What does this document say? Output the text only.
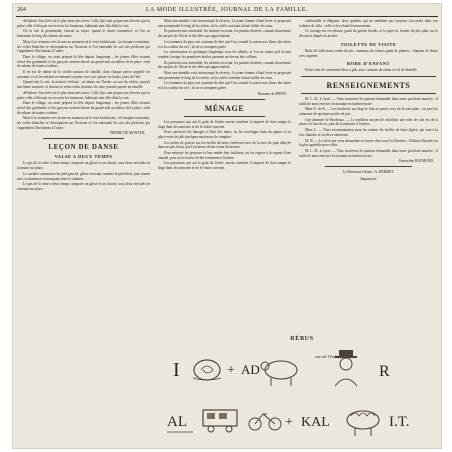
264	LA MODE ILLUSTRÉE, JOURNAL DE LA FAMILLE.

défilaient. Son fiefs est le plus beau des terres. Celle Qui sont propre aux devoirs que la petite ville s'efforçait en recevoir les honneurs, habitants tant elle allait la voir.

On se fait la promenade, chacun sa façon, quand le chant commence, et l'on va lentement le long du chemin des murs.

Mais il se retourna vers la mer au moment où le vent fraîchissait ; les barques rentraient, les voiles blanches se découpaient sur l'horizon et l'on entendait les cris des pêcheurs qui s'appelaient d'un bateau à l'autre.

Dans le village, on avait préparé la fête depuis longtemps ; les jeunes filles avaient tressé des guirlandes et les garçons avaient dressé un grand mât au milieu de la place, orné de rubans de toutes couleurs.

Il en est de même de la vieille maison de famille, dont chaque pierre rappelle un souvenir, et où les enfants reviennent toujours avec joie passer les beaux jours de l'été.

Quand vint le soir, la maison s'éclaira ; on dansa sur l'herbe, au son du violon, jusqu'à une heure avancée, et chacun se retira enfin, heureux de cette journée passée en famille.

défilaient. Son fiefs est le plus beau des terres. Celle Qui sont propre aux devoirs que la petite ville s'efforçait en recevoir les honneurs, habitants tant elle allait la voir.

Dans le village, on avait préparé la fête depuis longtemps ; les jeunes filles avaient tressé des guirlandes et les garçons avaient dressé un grand mât au milieu de la place, orné de rubans de toutes couleurs.

Mais il se retourna vers la mer au moment où le vent fraîchissait ; les barques rentraient, les voiles blanches se découpaient sur l'horizon et l'on entendait les cris des pêcheurs qui s'appelaient d'un bateau à l'autre.

PIERRE DE MONTEIL.
LEÇON DE DANSE
VALSE A DEUX TEMPS

Le pas de la valse à deux temps comporte un glissé et un chassé, tous deux exécutés en tournant sur place.

Le cavalier commence du pied gauche, glisse en avant, ramène le pied droit, puis tourne avec sa danseuse en marquant bien la cadence.

Le pas de la valse à deux temps comporte un glissé et un chassé, tous deux exécutés en tournant sur place.

Mais une aimable voix interrompit la rêverie ; la jeune femme s'était levée et proposait une promenade le long de la rivière, où le soleil couchant faisait briller les eaux.

Ils partirent tous ensemble, les enfants en avant, les parents derrière, causant doucement des projets de l'hiver et des fêtes qui approchaient.

Les hommes du pays ont coutume de dire que l'on connaît la saison aux fleurs des haies et à la couleur du ciel ; ils ne se trompent guère.

La conversation se prolongea longtemps sous les tilleuls, et l'on ne rentra qu'à la nuit tombée, lorsque les premières étoiles parurent au-dessus des collines.

Ils partirent tous ensemble, les enfants en avant, les parents derrière, causant doucement des projets de l'hiver et des fêtes qui approchaient.

Mais une aimable voix interrompit la rêverie ; la jeune femme s'était levée et proposait une promenade le long de la rivière, où le soleil couchant faisait briller les eaux.

Les hommes du pays ont coutume de dire que l'on connaît la saison aux fleurs des haies et à la couleur du ciel ; ils ne se trompent guère.

Baronne de SPENY.
MÉNAGE

Les personnes qui ont le goût de l'ordre savent combien il importe de bien ranger le linge dans les armoires et de le visiter souvent.

Pour conserver les lainages à l'abri des mites, on les enveloppe dans du papier et on place entre les plis quelques morceaux de camphre.

Les taches de graisse sur les étoffes de laine s'enlèvent avec de la terre de pipe délayée dans un peu d'eau, que l'on laisse sécher avant de brosser.

Pour nettoyer les gravures et leur rendre leur fraîcheur, on les expose à la vapeur d'eau chaude, puis on les laisse sécher lentement à l'ombre.

Les personnes qui ont le goût de l'ordre savent combien il importe de bien ranger le linge dans les armoires et de le visiter souvent.

confortable et élégante, deux qualités qui ne semblent pas toujours s'accorder dans nos toilettes de ville ; celle-ci les réunit heureusement.

Le corsage est en velours, garni de galons brodés, et la jupe est formée de plis plats sur le devant et drapée en arrière.

TOILETTE DE VISITE

Robe de faille noire ornée de jais ; manteau de velours garni de plumes ; chapeau de feutre avec aigrette.

ROBE D'ENFANT

Petite robe de cachemire bleu, à plis, avec ceinture de ruban et col de dentelle.

RENSEIGNEMENTS

M. L. R., à Lyon. — Vous trouverez les patrons demandés dans notre prochain numéro ; il suffit de nous envoyer le montant en timbres-poste.

Mme A. de B. — Les broderies sur drap se font au passé, avec de la soie plate ; on peut les rehausser de quelques perles de jais.

Une abonnée de Bordeaux. — Le meilleur moyen de rafraîchir une robe de soie est de la passer à l'eau de riz, puis de la repasser à l'envers.

Mme C. — Nous recommandons pour les enfants les étoffes de laine légère, qui sont à la fois chaudes et faciles à entretenir.

M. H. — Le livre que vous demandez se trouve chez tous les libraires ; l'édition illustrée est la plus agréable pour offrir.

M. L. R., à Lyon. — Vous trouverez les patrons demandés dans notre prochain numéro ; il suffit de nous envoyer le montant en timbres-poste.

Emmeline RAYMOND.
Le Directeur-Gérant : A. HERMET.
Imprimerie
RÉBUS
I	+ AD
vue de l'Italie
R
AL	+ KAL	I.T.
